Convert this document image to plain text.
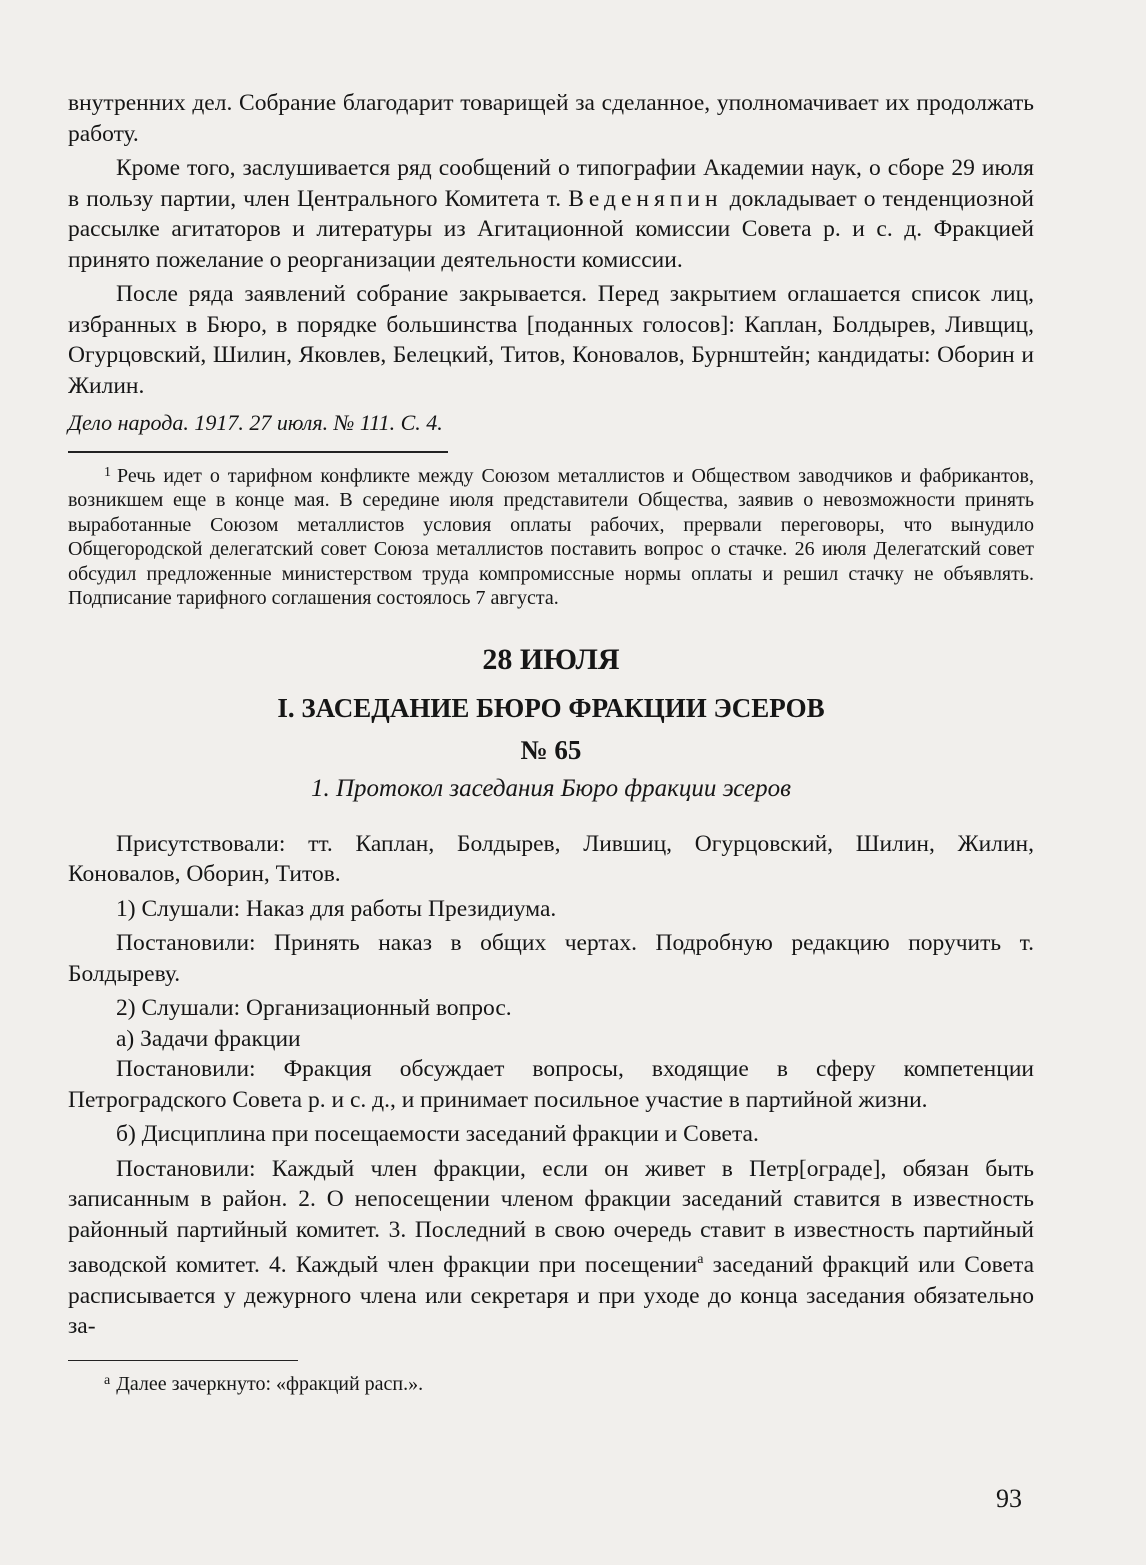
внутренних дел. Собрание благодарит товарищей за сделанное, уполномачивает их продолжать работу.

Кроме того, заслушивается ряд сообщений о типографии Академии наук, о сборе 29 июля в пользу партии, член Центрального Комитета т. Веденяпин докладывает о тенденциозной рассылке агитаторов и литературы из Агитационной комиссии Совета р. и с. д. Фракцией принято пожелание о реорганизации деятельности комиссии.

После ряда заявлений собрание закрывается. Перед закрытием оглашается список лиц, избранных в Бюро, в порядке большинства [поданных голосов]: Каплан, Болдырев, Ливщиц, Огурцовский, Шилин, Яковлев, Белецкий, Титов, Коновалов, Бурнштейн; кандидаты: Оборин и Жилин.

Дело народа. 1917. 27 июля. № 111. С. 4.

$^1$ Речь идет о тарифном конфликте между Союзом металлистов и Обществом заводчиков и фабрикантов, возникшем еще в конце мая. В середине июля представители Общества, заявив о невозможности принять выработанные Союзом металлистов условия оплаты рабочих, прервали переговоры, что вынудило Общегородской делегатский совет Союза металлистов поставить вопрос о стачке. 26 июля Делегатский совет обсудил предложенные министерством труда компромиссные нормы оплаты и решил стачку не объявлять. Подписание тарифного соглашения состоялось 7 августа.

28 ИЮЛЯ
I. ЗАСЕДАНИЕ БЮРО ФРАКЦИИ ЭСЕРОВ
№ 65
1. Протокол заседания Бюро фракции эсеров

Присутствовали: тт. Каплан, Болдырев, Лившиц, Огурцовский, Шилин, Жилин, Коновалов, Оборин, Титов.

1) Слушали: Наказ для работы Президиума.

Постановили: Принять наказ в общих чертах. Подробную редакцию поручить т. Болдыреву.

2) Слушали: Организационный вопрос.

а) Задачи фракции

Постановили: Фракция обсуждает вопросы, входящие в сферу компетенции Петроградского Совета р. и с. д., и принимает посильное участие в партийной жизни.

б) Дисциплина при посещаемости заседаний фракции и Совета.

Постановили: Каждый член фракции, если он живет в Петр[ограде], обязан быть записанным в район. 2. О непосещении членом фракции заседаний ставится в известность районный партийный комитет. 3. Последний в свою очередь ставит в известность партийный заводской комитет. 4. Каждый член фракции при посещении$^а$ заседаний фракций или Совета расписывается у дежурного члена или секретаря и при уходе до конца заседания обязательно за-

$^а$ Далее зачеркнуто: «фракций расп.».

93
